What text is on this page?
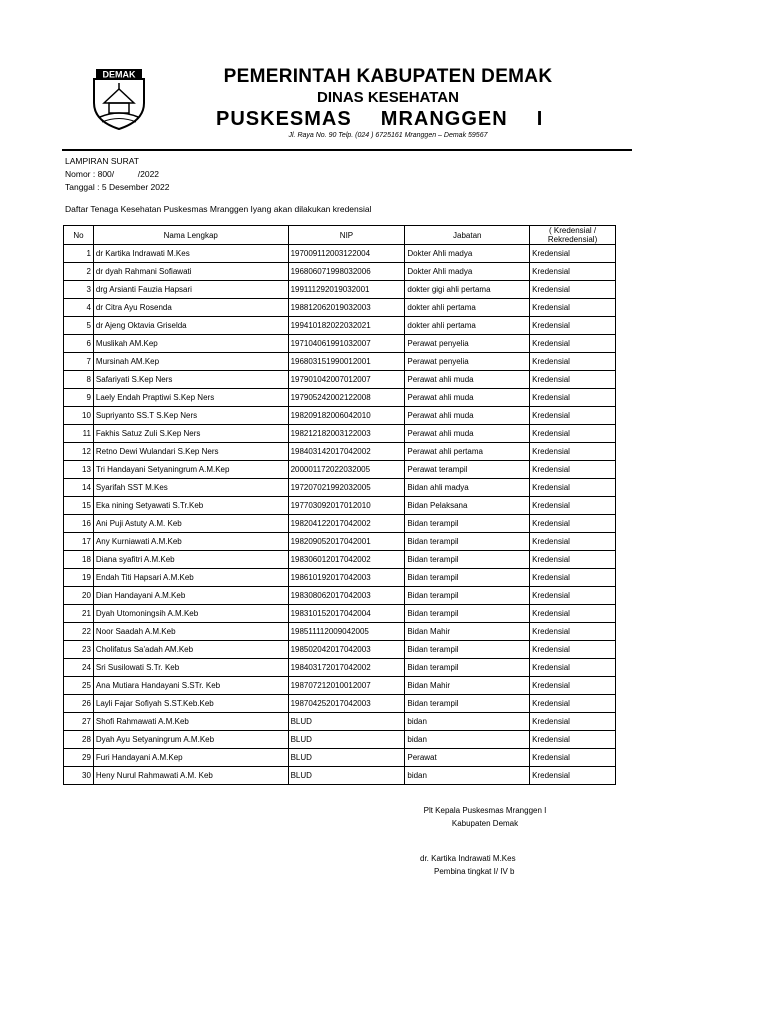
DEMAK	PEMERINTAH KABUPATEN DEMAK
DINAS KESEHATAN
PUSKESMAS  MRANGGEN  I
Jl. Raya No. 90 Telp. (024 ) 6725161 Mranggen – Demak 59567
LAMPIRAN SURAT
Nomor : 800/          /2022
Tanggal : 5 Desember 2022
Daftar Tenaga Kesehatan Puskesmas Mranggen Iyang akan dilakukan kredensial
No	Nama Lengkap	NIP	Jabatan	( Kredensial /
Rekredensial)

1	dr Kartika Indrawati M.Kes	197009112003122004	Dokter Ahli madya	Kredensial
2	dr dyah Rahmani Sofiawati	196806071998032006	Dokter Ahli madya	Kredensial
3	drg Arsianti Fauzia Hapsari	199111292019032001	dokter gigi ahli pertama	Kredensial
4	dr Citra Ayu Rosenda	198812062019032003	dokter ahli pertama	Kredensial
5	dr Ajeng Oktavia Griselda	199410182022032021	dokter ahli pertama	Kredensial
6	Muslikah AM.Kep	197104061991032007	Perawat penyelia	Kredensial
7	Mursinah AM.Kep	196803151990012001	Perawat penyelia	Kredensial
8	Safariyati S.Kep Ners	197901042007012007	Perawat ahli muda	Kredensial
9	Laely Endah Praptiwi S.Kep Ners	197905242002122008	Perawat ahli muda	Kredensial
10	Supriyanto SS.T S.Kep Ners	198209182006042010	Perawat ahli muda	Kredensial
11	Fakhis Satuz Zuli S.Kep Ners	198212182003122003	Perawat ahli muda	Kredensial
12	Retno Dewi Wulandari S.Kep Ners	198403142017042002	Perawat ahli pertama	Kredensial
13	Tri Handayani Setyaningrum A.M.Kep	200001172022032005	Perawat terampil	Kredensial
14	Syarifah SST M.Kes	197207021992032005	Bidan ahli madya	Kredensial
15	Eka nining Setyawati S.Tr.Keb	197703092017012010	Bidan Pelaksana	Kredensial
16	Ani Puji Astuty A.M. Keb	198204122017042002	Bidan terampil	Kredensial
17	Any Kurniawati A.M.Keb	198209052017042001	Bidan terampil	Kredensial
18	Diana syafitri A.M.Keb	198306012017042002	Bidan terampil	Kredensial
19	Endah Titi Hapsari A.M.Keb	198610192017042003	Bidan terampil	Kredensial
20	Dian Handayani A.M.Keb	198308062017042003	Bidan terampil	Kredensial
21	Dyah Utomoningsih A.M.Keb	198310152017042004	Bidan terampil	Kredensial
22	Noor Saadah A.M.Keb	198511112009042005	Bidan Mahir	Kredensial
23	Cholifatus Sa'adah AM.Keb	198502042017042003	Bidan terampil	Kredensial
24	Sri Susilowati S.Tr. Keb	198403172017042002	Bidan terampil	Kredensial
25	Ana Mutiara Handayani S.STr. Keb	198707212010012007	Bidan Mahir	Kredensial
26	Layli Fajar Sofiyah S.ST.Keb.Keb	198704252017042003	Bidan terampil	Kredensial
27	Shofi Rahmawati A.M.Keb	BLUD	bidan	Kredensial
28	Dyah Ayu Setyaningrum A.M.Keb	BLUD	bidan	Kredensial
29	Furi Handayani A.M.Kep	BLUD	Perawat	Kredensial
30	Heny Nurul Rahmawati A.M. Keb	BLUD	bidan	Kredensial
Plt Kepala Puskesmas Mranggen I
Kabupaten Demak
dr. Kartika Indrawati M.Kes
Pembina tingkat I/ IV b
